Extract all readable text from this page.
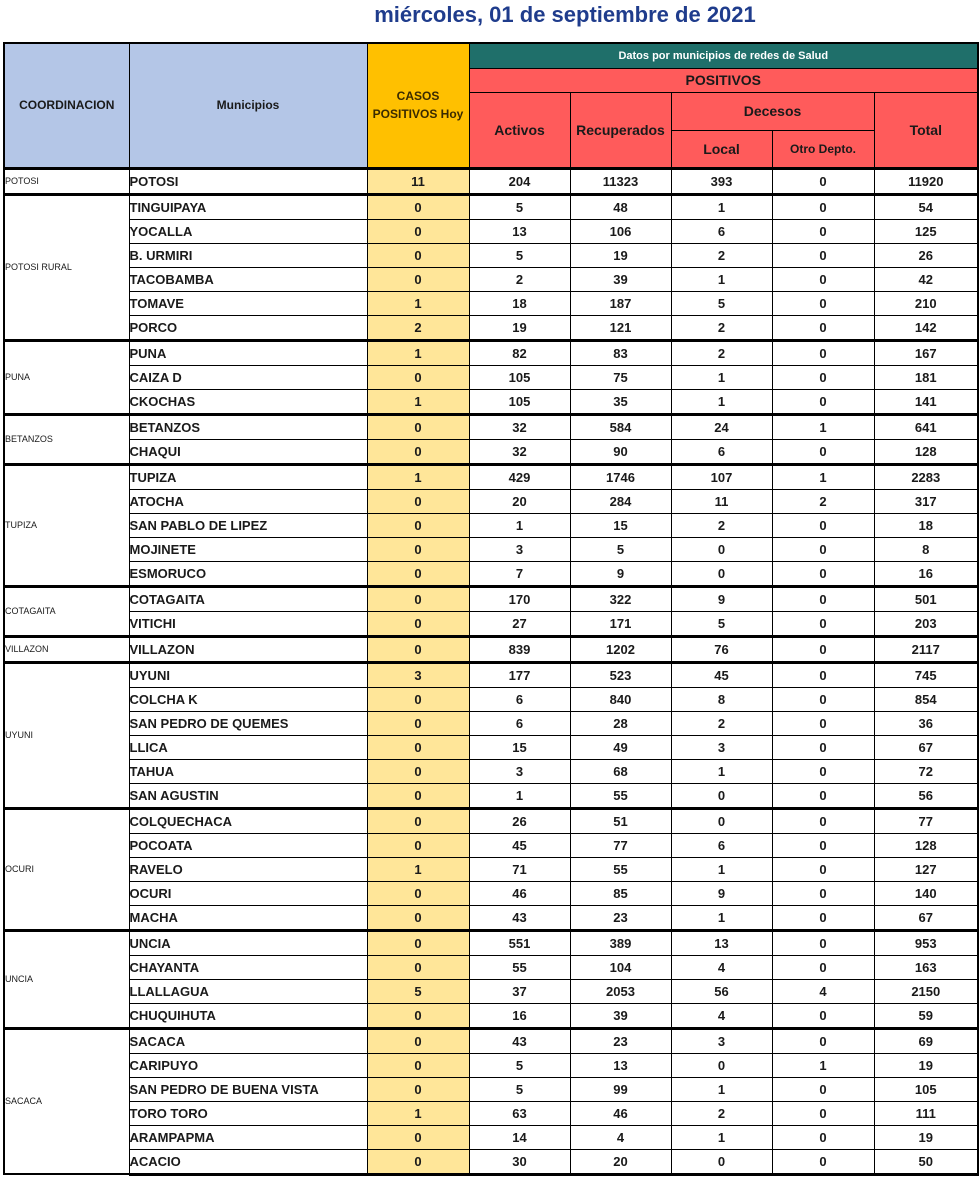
miércoles, 01 de septiembre de 2021
COORDINACION	Municipios	CASOS POSITIVOS Hoy	Datos por municipios de redes de Salud				
			POSITIVOS				
			Activos	Recuperados	Decesos		Total
					Local	Otro Depto.	
POTOSI	POTOSI	11	204	11323	393	0	11920
POTOSI RURAL	TINGUIPAYA	0	5	48	1	0	54
	YOCALLA	0	13	106	6	0	125
	B. URMIRI	0	5	19	2	0	26
	TACOBAMBA	0	2	39	1	0	42
	TOMAVE	1	18	187	5	0	210
	PORCO	2	19	121	2	0	142
PUNA	PUNA	1	82	83	2	0	167
	CAIZA D	0	105	75	1	0	181
	CKOCHAS	1	105	35	1	0	141
BETANZOS	BETANZOS	0	32	584	24	1	641
	CHAQUI	0	32	90	6	0	128
TUPIZA	TUPIZA	1	429	1746	107	1	2283
	ATOCHA	0	20	284	11	2	317
	SAN PABLO DE LIPEZ	0	1	15	2	0	18
	MOJINETE	0	3	5	0	0	8
	ESMORUCO	0	7	9	0	0	16
COTAGAITA	COTAGAITA	0	170	322	9	0	501
	VITICHI	0	27	171	5	0	203
VILLAZON	VILLAZON	0	839	1202	76	0	2117
UYUNI	UYUNI	3	177	523	45	0	745
	COLCHA K	0	6	840	8	0	854
	SAN PEDRO DE QUEMES	0	6	28	2	0	36
	LLICA	0	15	49	3	0	67
	TAHUA	0	3	68	1	0	72
	SAN AGUSTIN	0	1	55	0	0	56
OCURI	COLQUECHACA	0	26	51	0	0	77
	POCOATA	0	45	77	6	0	128
	RAVELO	1	71	55	1	0	127
	OCURI	0	46	85	9	0	140
	MACHA	0	43	23	1	0	67
UNCIA	UNCIA	0	551	389	13	0	953
	CHAYANTA	0	55	104	4	0	163
	LLALLAGUA	5	37	2053	56	4	2150
	CHUQUIHUTA	0	16	39	4	0	59
SACACA	SACACA	0	43	23	3	0	69
	CARIPUYO	0	5	13	0	1	19
	SAN PEDRO DE BUENA VISTA	0	5	99	1	0	105
	TORO TORO	1	63	46	2	0	111
	ARAMPAPMA	0	14	4	1	0	19
	ACACIO	0	30	20	0	0	50
